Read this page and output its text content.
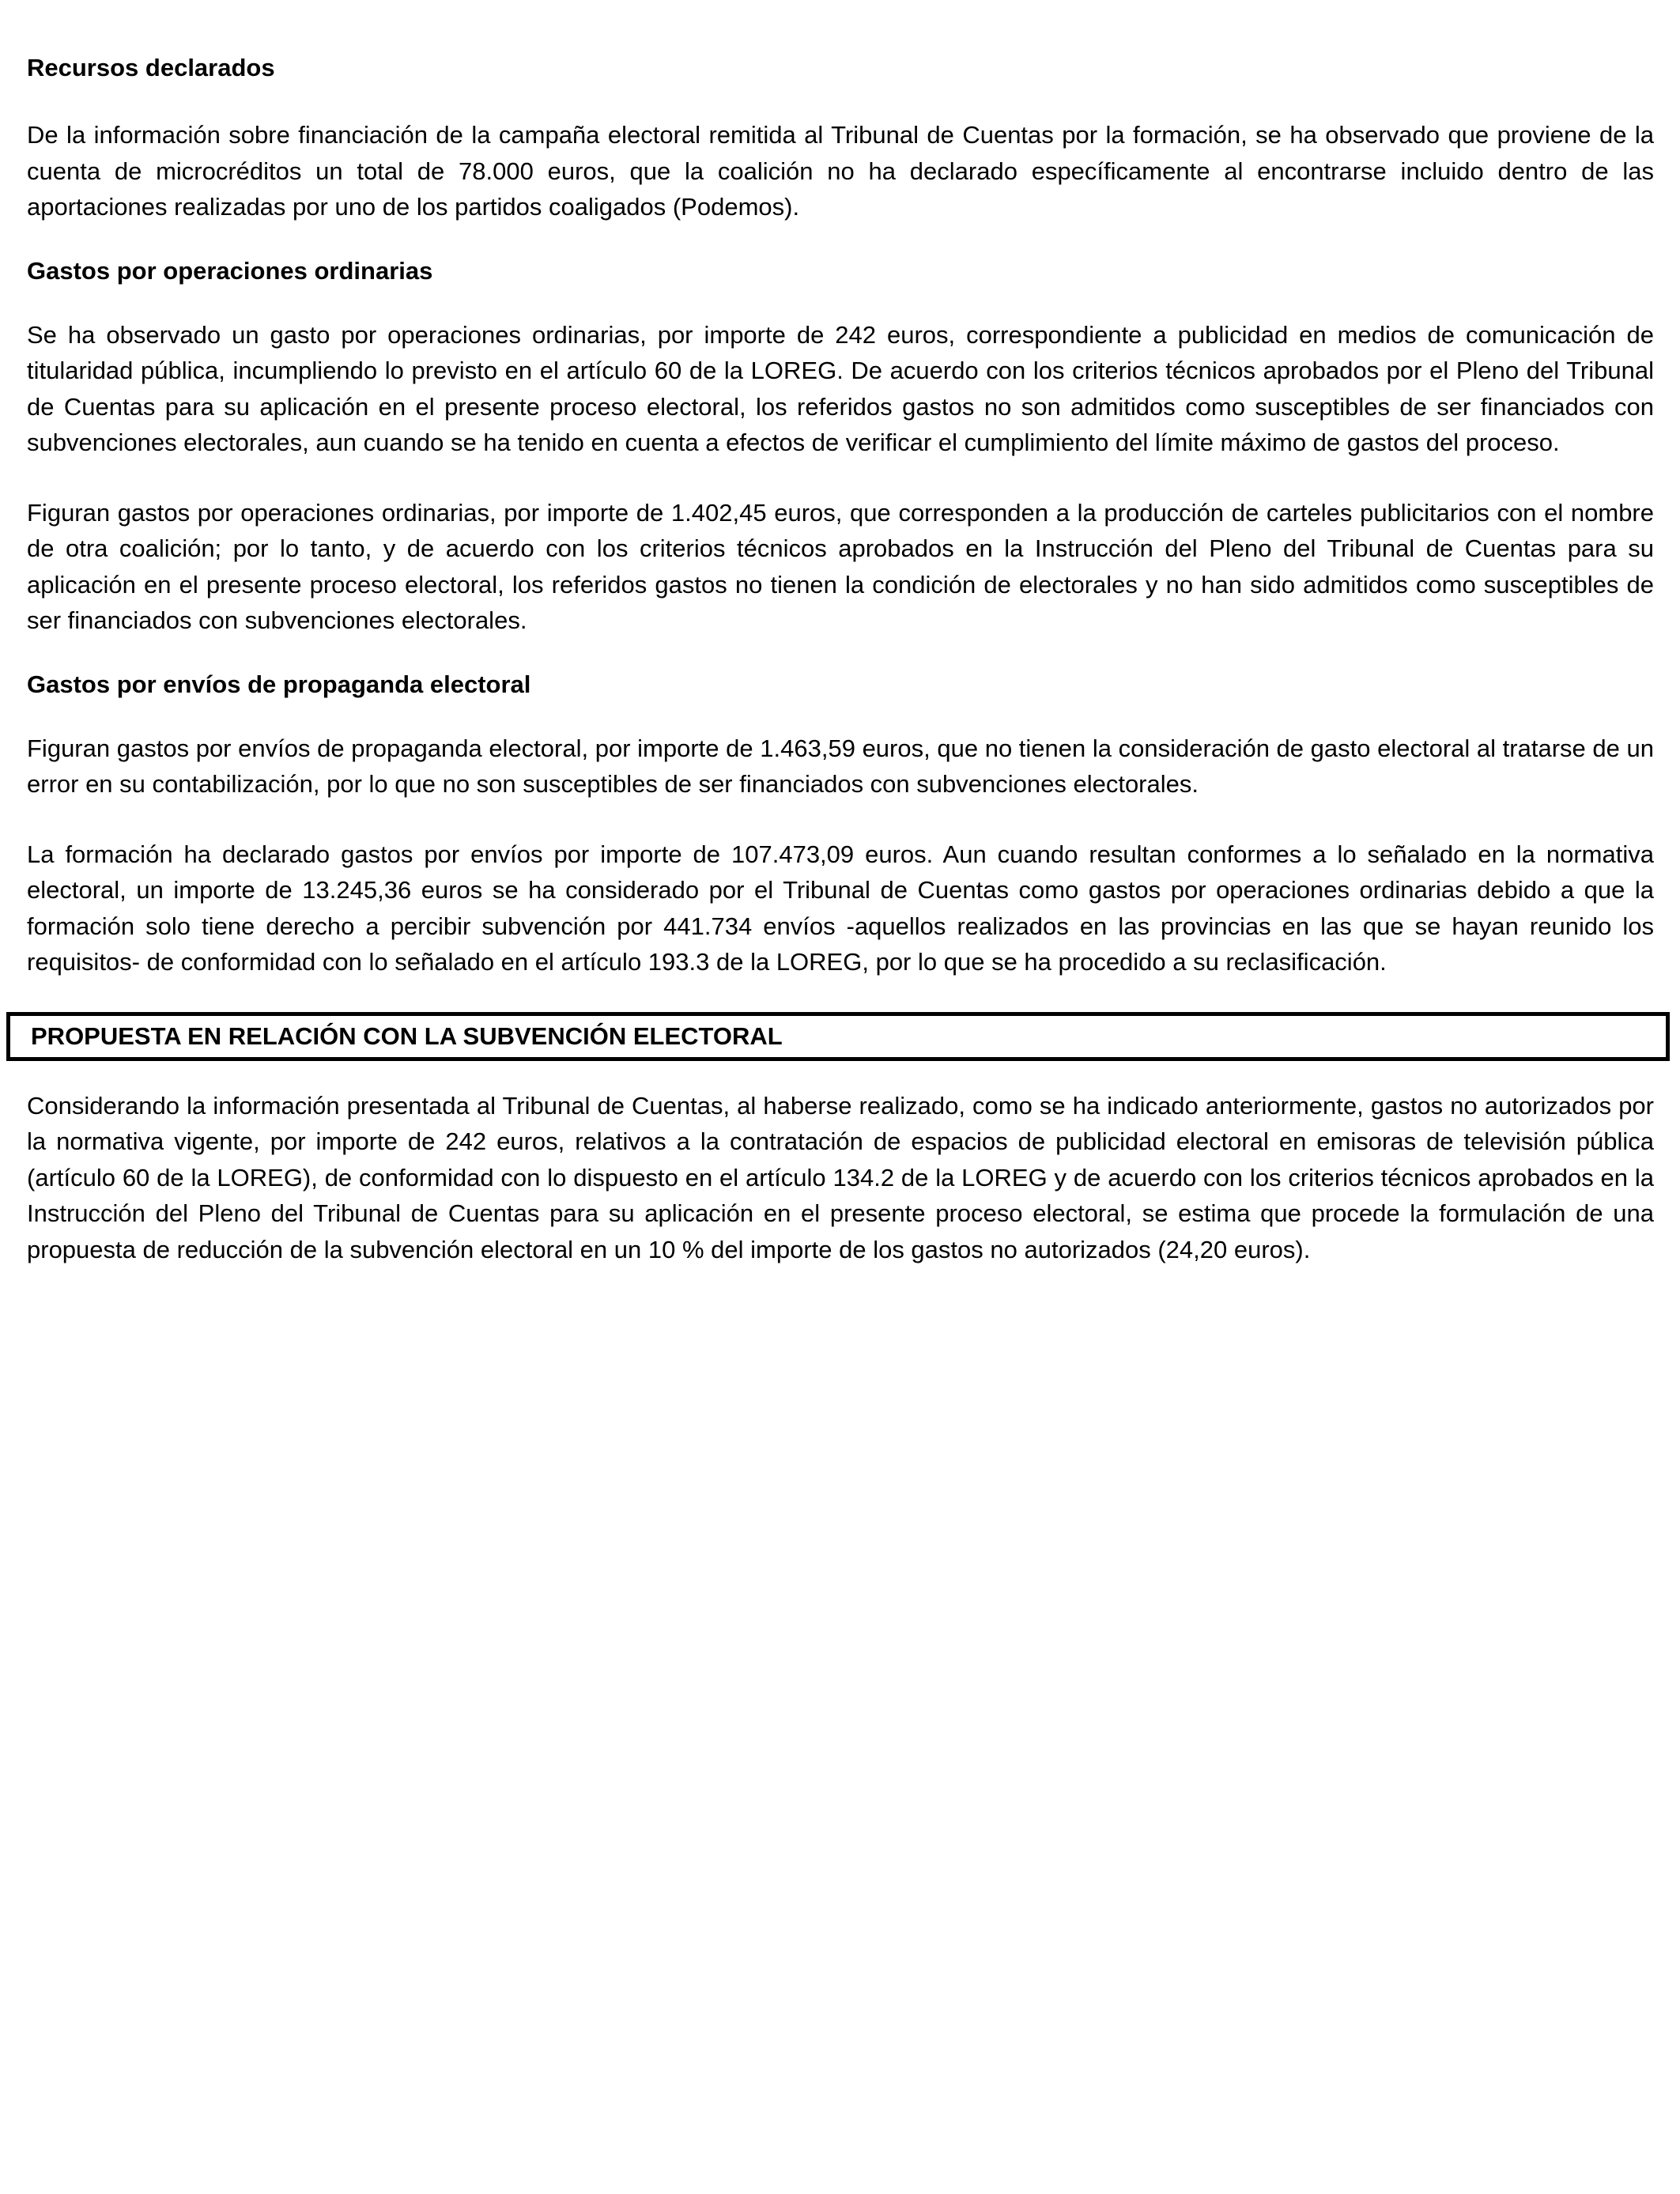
Recursos declarados

De la información sobre financiación de la campaña electoral remitida al Tribunal de Cuentas por la formación, se ha observado que proviene de la cuenta de microcréditos un total de 78.000 euros, que la coalición no ha declarado específicamente al encontrarse incluido dentro de las aportaciones realizadas por uno de los partidos coaligados (Podemos).

Gastos por operaciones ordinarias

Se ha observado un gasto por operaciones ordinarias, por importe de 242 euros, correspondiente a publicidad en medios de comunicación de titularidad pública, incumpliendo lo previsto en el artículo 60 de la LOREG. De acuerdo con los criterios técnicos aprobados por el Pleno del Tribunal de Cuentas para su aplicación en el presente proceso electoral, los referidos gastos no son admitidos como susceptibles de ser financiados con subvenciones electorales, aun cuando se ha tenido en cuenta a efectos de verificar el cumplimiento del límite máximo de gastos del proceso.

Figuran gastos por operaciones ordinarias, por importe de 1.402,45 euros, que corresponden a la producción de carteles publicitarios con el nombre de otra coalición; por lo tanto, y de acuerdo con los criterios técnicos aprobados en la Instrucción del Pleno del Tribunal de Cuentas para su aplicación en el presente proceso electoral, los referidos gastos no tienen la condición de electorales y no han sido admitidos como susceptibles de ser financiados con subvenciones electorales.

Gastos por envíos de propaganda electoral

Figuran gastos por envíos de propaganda electoral, por importe de 1.463,59 euros, que no tienen la consideración de gasto electoral al tratarse de un error en su contabilización, por lo que no son susceptibles de ser financiados con subvenciones electorales.

La formación ha declarado gastos por envíos por importe de 107.473,09 euros. Aun cuando resultan conformes a lo señalado en la normativa electoral, un importe de 13.245,36 euros se ha considerado por el Tribunal de Cuentas como gastos por operaciones ordinarias debido a que la formación solo tiene derecho a percibir subvención por 441.734 envíos -aquellos realizados en las provincias en las que se hayan reunido los requisitos- de conformidad con lo señalado en el artículo 193.3 de la LOREG, por lo que se ha procedido a su reclasificación.

PROPUESTA EN RELACIÓN CON LA SUBVENCIÓN ELECTORAL

Considerando la información presentada al Tribunal de Cuentas, al haberse realizado, como se ha indicado anteriormente, gastos no autorizados por la normativa vigente, por importe de 242 euros, relativos a la contratación de espacios de publicidad electoral en emisoras de televisión pública (artículo 60 de la LOREG), de conformidad con lo dispuesto en el artículo 134.2 de la LOREG y de acuerdo con los criterios técnicos aprobados en la Instrucción del Pleno del Tribunal de Cuentas para su aplicación en el presente proceso electoral, se estima que procede la formulación de una propuesta de reducción de la subvención electoral en un 10 % del importe de los gastos no autorizados (24,20 euros).
